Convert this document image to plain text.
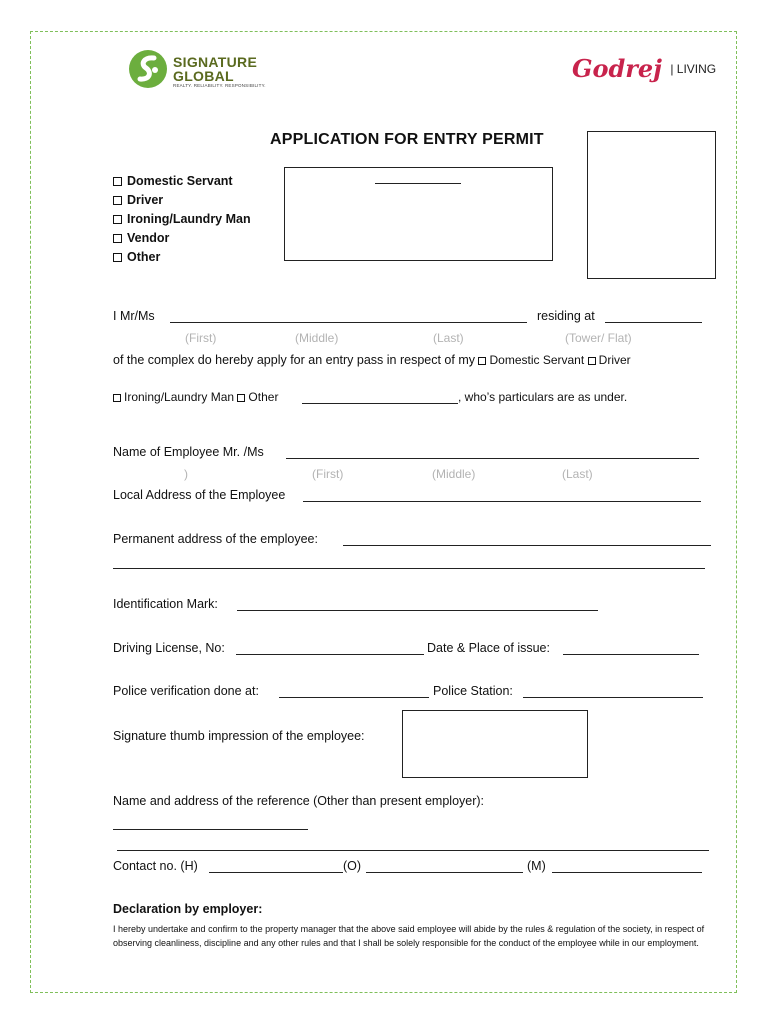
SIGNATURE
GLOBAL
REALTY. RELIABILITY. RESPONSIBILITY.
Godrej $^{| LIVING}$
APPLICATION FOR ENTRY PERMIT
Domestic Servant
Driver
Ironing/Laundry Man
Vendor
Other
I Mr/Ms	residing at
(First)	(Middle)	(Last)	(Tower/ Flat)
of the complex do hereby apply for an entry pass in respect of my Domestic Servant Driver
Ironing/Laundry Man Other	, who’s particulars are as under.
Name of Employee Mr. /Ms
)	(First)	(Middle)	(Last)
Local Address of the Employee
Permanent address of the employee:
Identification Mark:
Driving License, No:	Date & Place of issue:
Police verification done at:	Police Station:
Signature thumb impression of the employee:
Name and address of the reference (Other than present employer):
Contact no. (H)	(O)	(M)
Declaration by employer:
I hereby undertake and confirm to the property manager that the above said employee will abide by the rules & regulation of the society, in respect of observing cleanliness, discipline and any other rules and that I shall be solely responsible for the conduct of the employee while in our employment.
